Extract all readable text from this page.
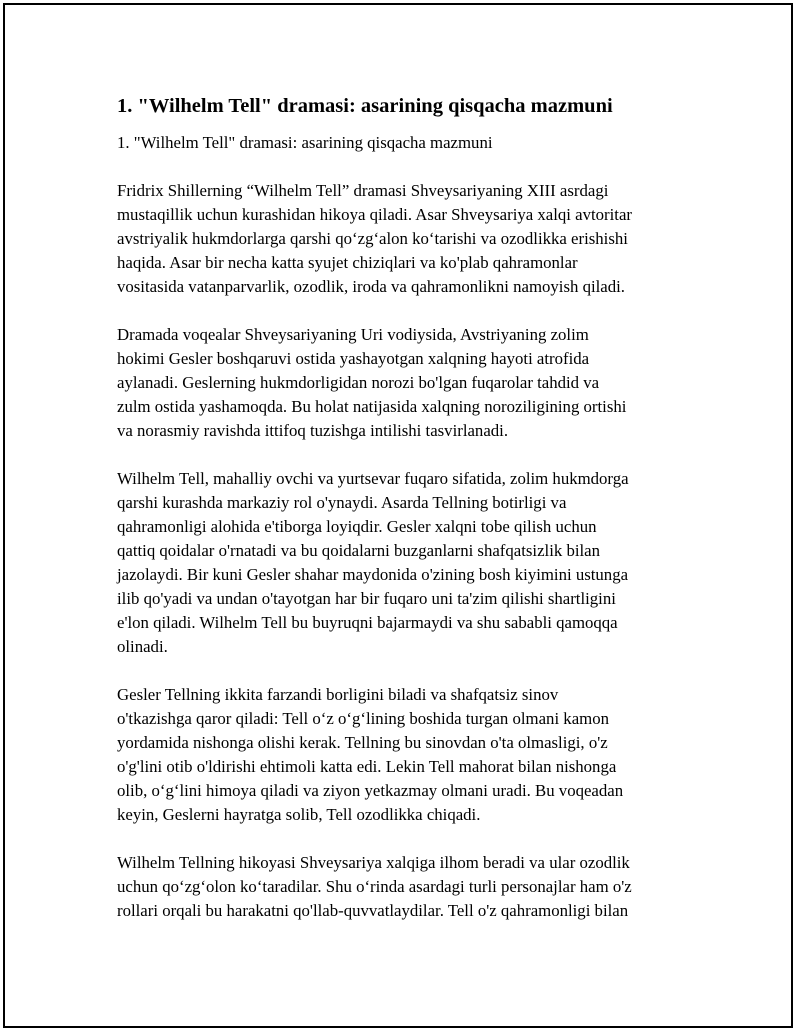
1. "Wilhelm Tell" dramasi: asarining qisqacha mazmuni
1. "Wilhelm Tell" dramasi: asarining qisqacha mazmuni
Fridrix Shillerning “Wilhelm Tell” dramasi Shveysariyaning XIII asrdagi
mustaqillik uchun kurashidan hikoya qiladi. Asar Shveysariya xalqi avtoritar
avstriyalik hukmdorlarga qarshi qo‘zg‘alon ko‘tarishi va ozodlikka erishishi
haqida. Asar bir necha katta syujet chiziqlari va ko'plab qahramonlar
vositasida vatanparvarlik, ozodlik, iroda va qahramonlikni namoyish qiladi.
Dramada voqealar Shveysariyaning Uri vodiysida, Avstriyaning zolim
hokimi Gesler boshqaruvi ostida yashayotgan xalqning hayoti atrofida
aylanadi. Geslerning hukmdorligidan norozi bo'lgan fuqarolar tahdid va
zulm ostida yashamoqda. Bu holat natijasida xalqning noroziligining ortishi
va norasmiy ravishda ittifoq tuzishga intilishi tasvirlanadi.
Wilhelm Tell, mahalliy ovchi va yurtsevar fuqaro sifatida, zolim hukmdorga
qarshi kurashda markaziy rol o'ynaydi. Asarda Tellning botirligi va
qahramonligi alohida e'tiborga loyiqdir. Gesler xalqni tobe qilish uchun
qattiq qoidalar o'rnatadi va bu qoidalarni buzganlarni shafqatsizlik bilan
jazolaydi. Bir kuni Gesler shahar maydonida o'zining bosh kiyimini ustunga
ilib qo'yadi va undan o'tayotgan har bir fuqaro uni ta'zim qilishi shartligini
e'lon qiladi. Wilhelm Tell bu buyruqni bajarmaydi va shu sababli qamoqqa
olinadi.
Gesler Tellning ikkita farzandi borligini biladi va shafqatsiz sinov
o'tkazishga qaror qiladi: Tell o‘z o‘g‘lining boshida turgan olmani kamon
yordamida nishonga olishi kerak. Tellning bu sinovdan o'ta olmasligi, o'z
o'g'lini otib o'ldirishi ehtimoli katta edi. Lekin Tell mahorat bilan nishonga
olib, o‘g‘lini himoya qiladi va ziyon yetkazmay olmani uradi. Bu voqeadan
keyin, Geslerni hayratga solib, Tell ozodlikka chiqadi.
Wilhelm Tellning hikoyasi Shveysariya xalqiga ilhom beradi va ular ozodlik
uchun qo‘zg‘olon ko‘taradilar. Shu o‘rinda asardagi turli personajlar ham o'z
rollari orqali bu harakatni qo'llab-quvvatlaydilar. Tell o'z qahramonligi bilan
